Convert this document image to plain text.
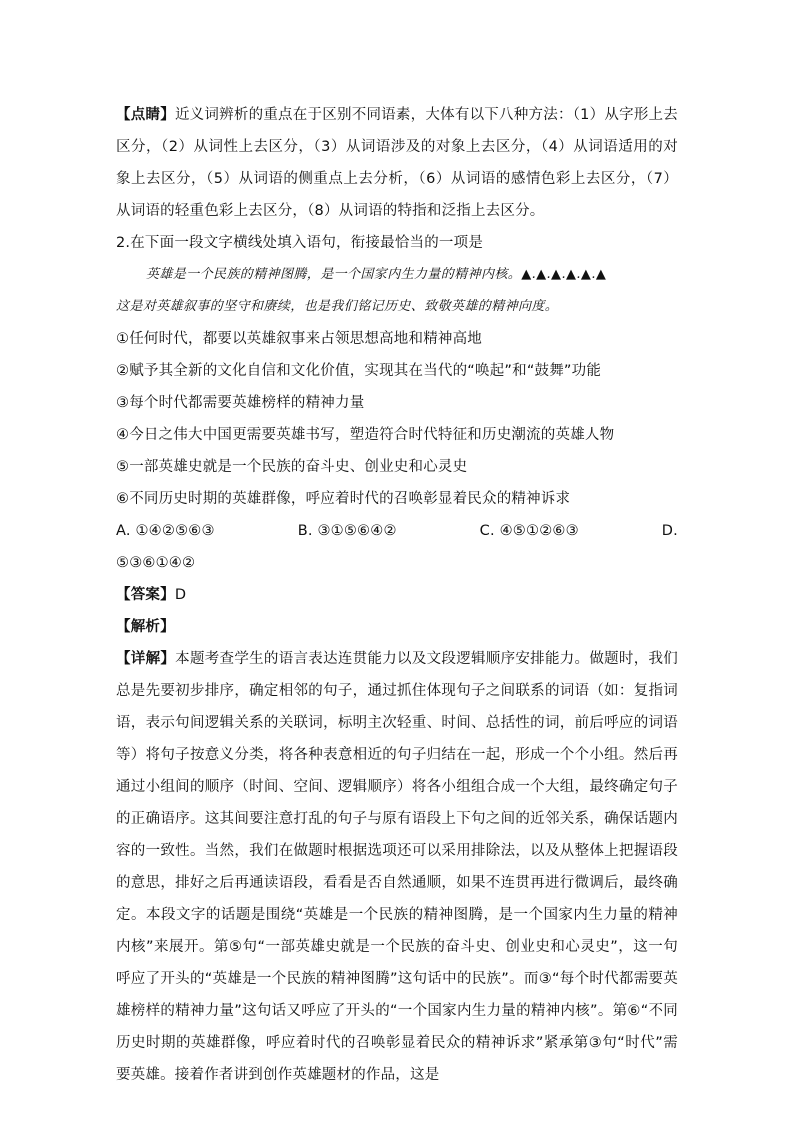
【点睛】近义词辨析的重点在于区别不同语素，大体有以下八种方法：（1）从字形上去区分，（2）从词性上去区分，（3）从词语涉及的对象上去区分，（4）从词语适用的对象上去区分，（5）从词语的侧重点上去分析，（6）从词语的感情色彩上去区分，（7）从词语的轻重色彩上去区分，（8）从词语的特指和泛指上去区分。

2.在下面一段文字横线处填入语句，衔接最恰当的一项是

英雄是一个民族的精神图腾，是一个国家内生力量的精神内核。▲.▲.▲.▲.▲.▲

这是对英雄叙事的坚守和赓续，也是我们铭记历史、致敬英雄的精神向度。

①任何时代，都要以英雄叙事来占领思想高地和精神高地

②赋予其全新的文化自信和文化价值，实现其在当代的“唤起”和“鼓舞”功能

③每个时代都需要英雄榜样的精神力量

④今日之伟大中国更需要英雄书写，塑造符合时代特征和历史潮流的英雄人物

⑤一部英雄史就是一个民族的奋斗史、创业史和心灵史

⑥不同历史时期的英雄群像，呼应着时代的召唤彰显着民众的精神诉求

A. ①④②⑤⑥③	B. ③①⑤⑥④②	C. ④⑤①②⑥③	D.

⑤③⑥①④②

【答案】D

【解析】

【详解】本题考查学生的语言表达连贯能力以及文段逻辑顺序安排能力。做题时，我们总是先要初步排序，确定相邻的句子，通过抓住体现句子之间联系的词语（如：复指词语，表示句间逻辑关系的关联词，标明主次轻重、时间、总括性的词，前后呼应的词语等）将句子按意义分类，将各种表意相近的句子归结在一起，形成一个个小组。然后再通过小组间的顺序（时间、空间、逻辑顺序）将各小组组合成一个大组，最终确定句子的正确语序。这其间要注意打乱的句子与原有语段上下句之间的近邻关系，确保话题内容的一致性。当然，我们在做题时根据选项还可以采用排除法，以及从整体上把握语段的意思，排好之后再通读语段，看看是否自然通顺，如果不连贯再进行微调后，最终确定。本段文字的话题是围绕“英雄是一个民族的精神图腾，是一个国家内生力量的精神内核”来展开。第⑤句“一部英雄史就是一个民族的奋斗史、创业史和心灵史”，这一句呼应了开头的“英雄是一个民族的精神图腾”这句话中的民族”。而③“每个时代都需要英雄榜样的精神力量”这句话又呼应了开头的“一个国家内生力量的精神内核”。第⑥“不同历史时期的英雄群像，呼应着时代的召唤彰显着民众的精神诉求”紧承第③句“时代”需要英雄。接着作者讲到创作英雄题材的作品，这是
